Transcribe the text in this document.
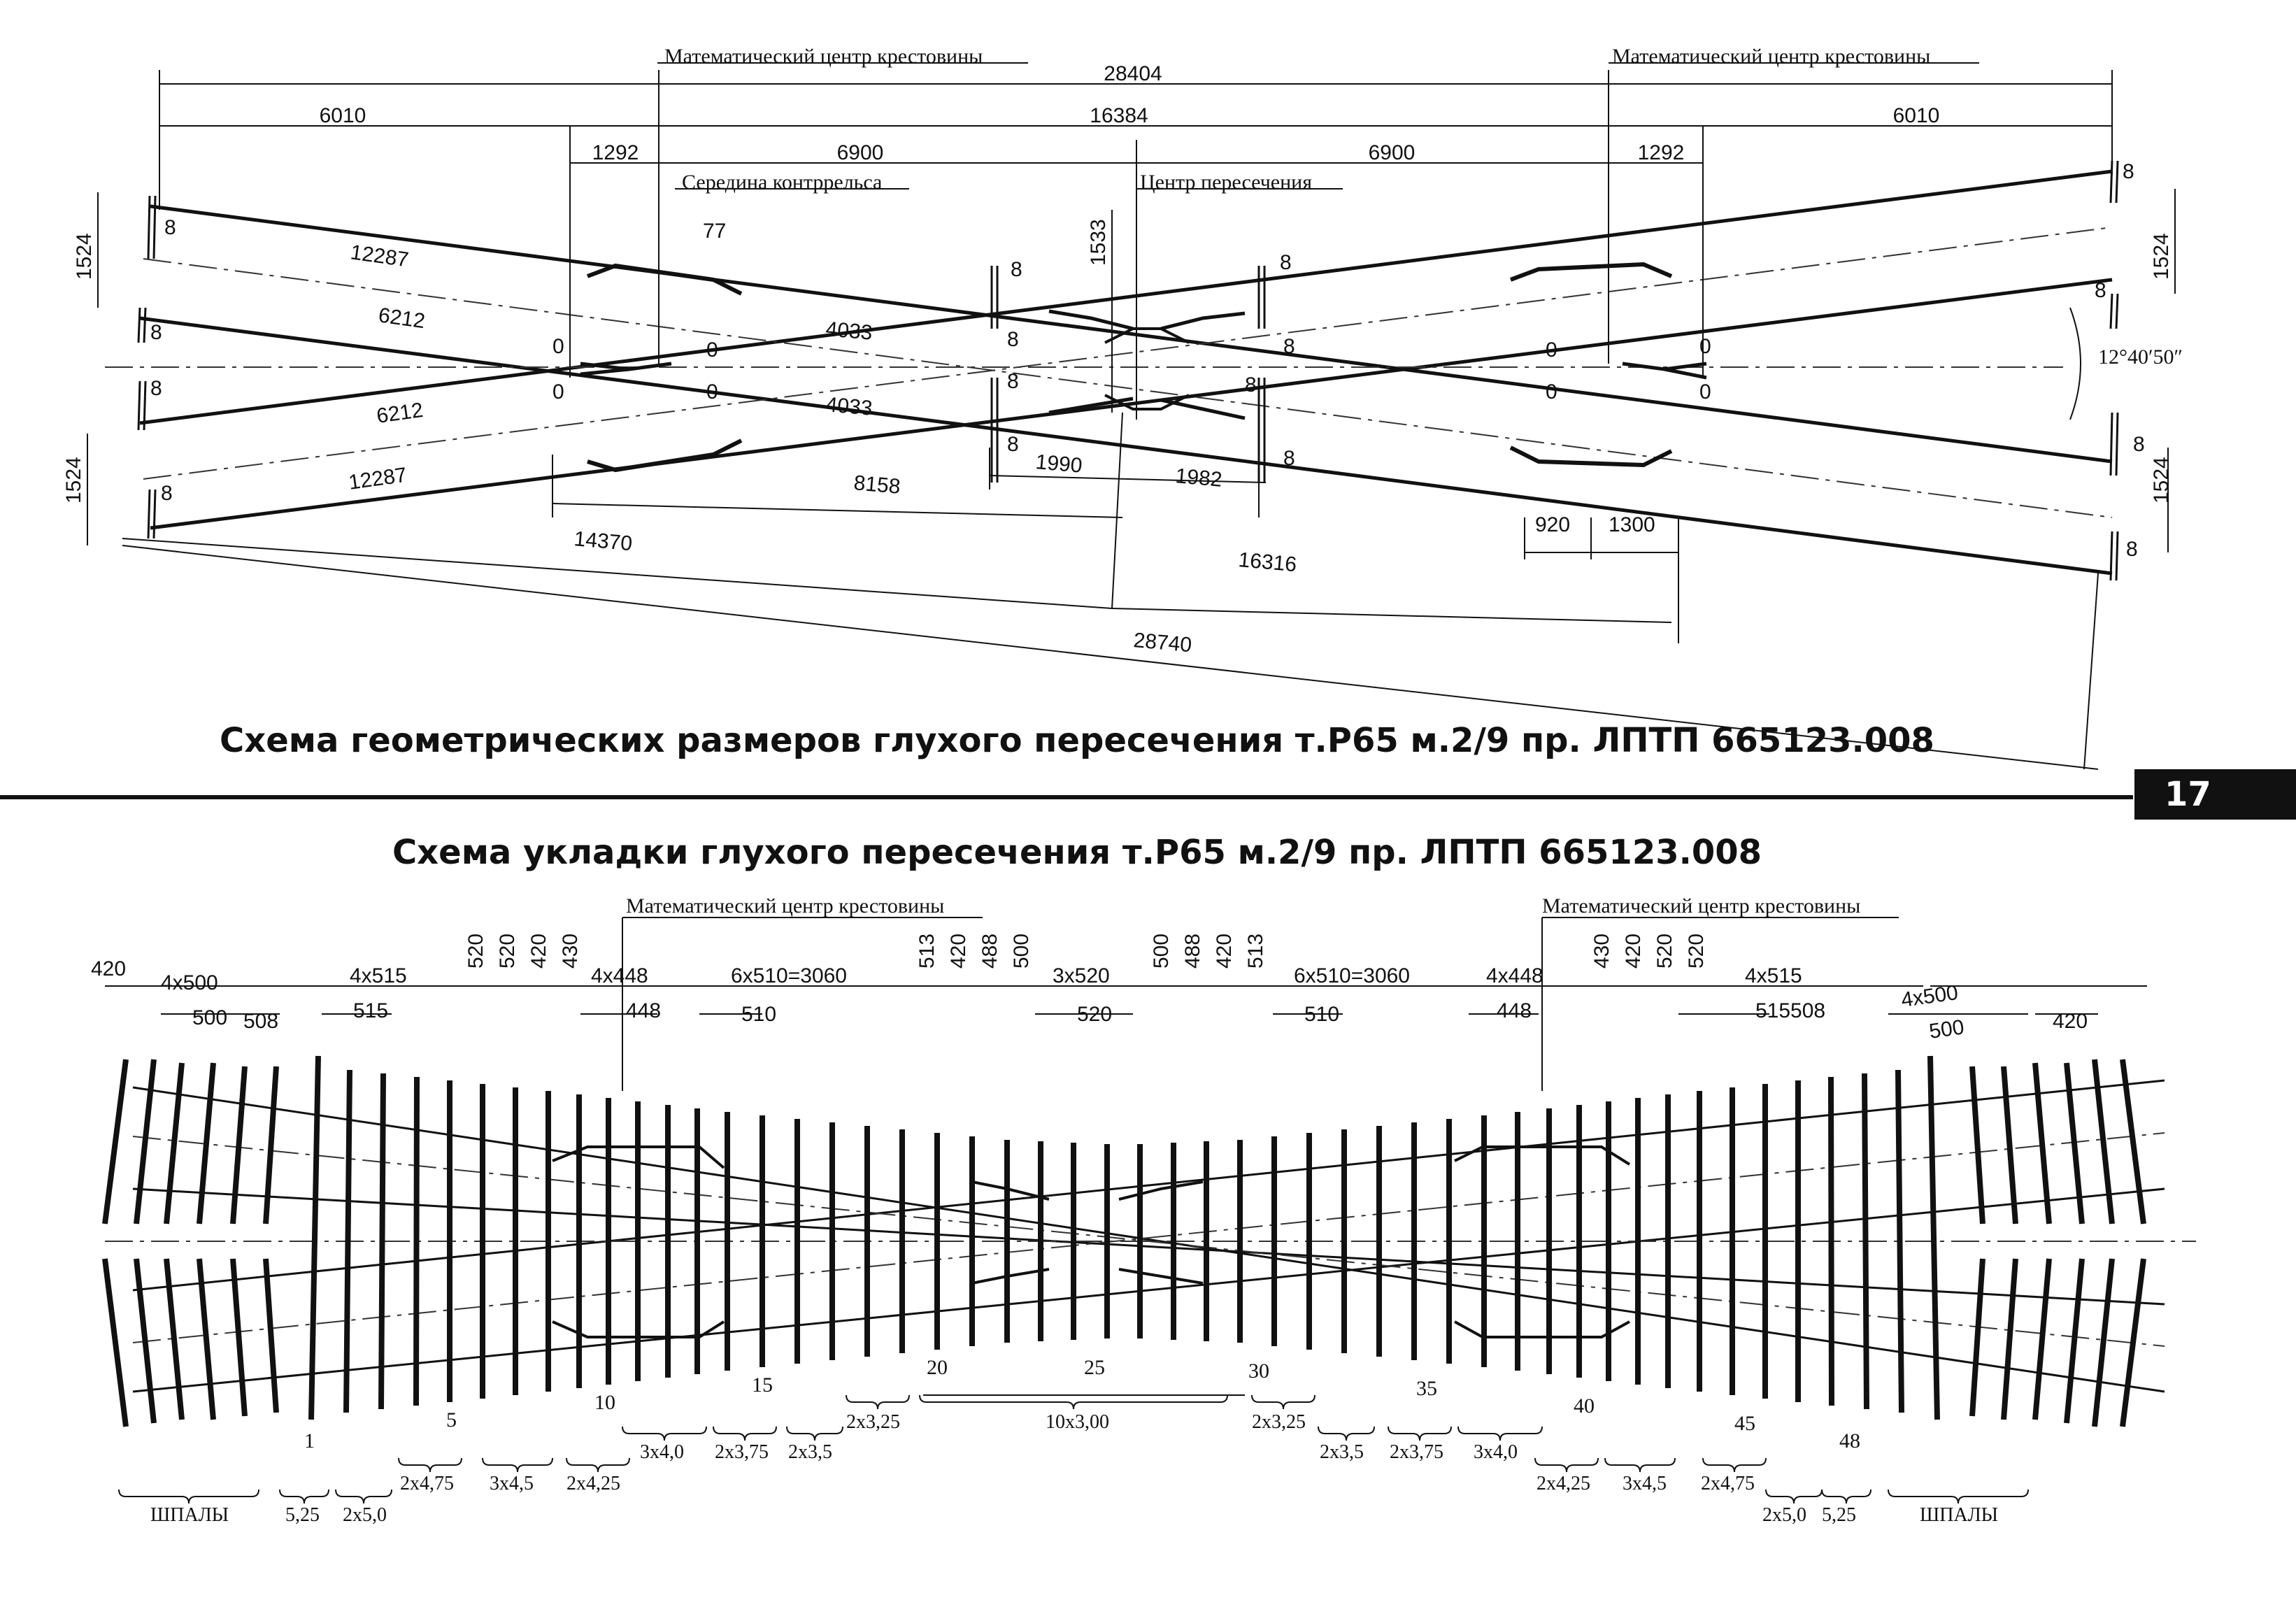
Математический центр крестовины	Математический центр крестовины
Середина контррельса	Центр пересечения
12°40′50″
28404
6010	16384	6010
1292	6900	6900	1292
77	1533
1524
1524
1524
1524
12287
12287
6212
6212
4033
4033
8158
1990
1982
14370
16316
28740
920 1300
8
8
8
8
8
8
8
8
8
8
8
8
8
8
8
8
0
0
0
0
0
0
0
0
Схема геометрических размеров глухого пересечения т.Р65 м.2/9 пр. ЛПТП 665123.008
17
Схема укладки глухого пересечения т.Р65 м.2/9 пр. ЛПТП 665123.008
Математический центр крестовины	Математический центр крестовины
420
4x500
500 508
4x515
515
520 520 420 430
4x448
448
6x510=3060
510
513 420 488 500
3x520
520
500 488 420 513
6x510=3060
510
4x448
448
430 420 520 520
4x515
515508	4x500
500	420
1
5
10
15
20	25	30
35
40
45
48
2x3,25	10x3,00	2x3,25
3x4,0 2x3,75 2x3,5	2x3,5 2x3,75 3x4,0
2x4,75 3x4,5 2x4,25	2x4,25 3x4,5 2x4,75
ШПАЛЫ	5,25 2x5,0	2x5,0 5,25	ШПАЛЫ
